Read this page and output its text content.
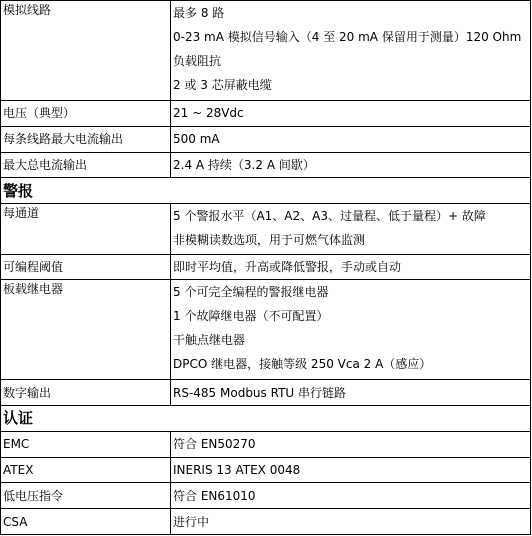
模拟线路	最多 8 路
0-23 mA 模拟信号输入（4 至 20 mA 保留用于测量）120 Ohm
负载阻抗
2 或 3 芯屏蔽电缆

电压（典型）	21 ~ 28Vdc
每条线路最大电流输出	500 mA
最大总电流输出	2.4 A 持续（3.2 A 间歇）
警报	
每通道	5 个警报水平（A1、A2、A3、过量程、低于量程）+ 故障
非模糊读数选项，用于可燃气体监测

可编程阈值	即时平均值，升高或降低警报，手动或自动
板载继电器	5 个可完全编程的警报继电器
1 个故障继电器（不可配置）
干触点继电器
DPCO 继电器，接触等级 250 Vca 2 A（感应）

数字输出	RS-485 Modbus RTU 串行链路
认证	
EMC	符合 EN50270
ATEX	INERIS 13 ATEX 0048
低电压指令	符合 EN61010
CSA	进行中
